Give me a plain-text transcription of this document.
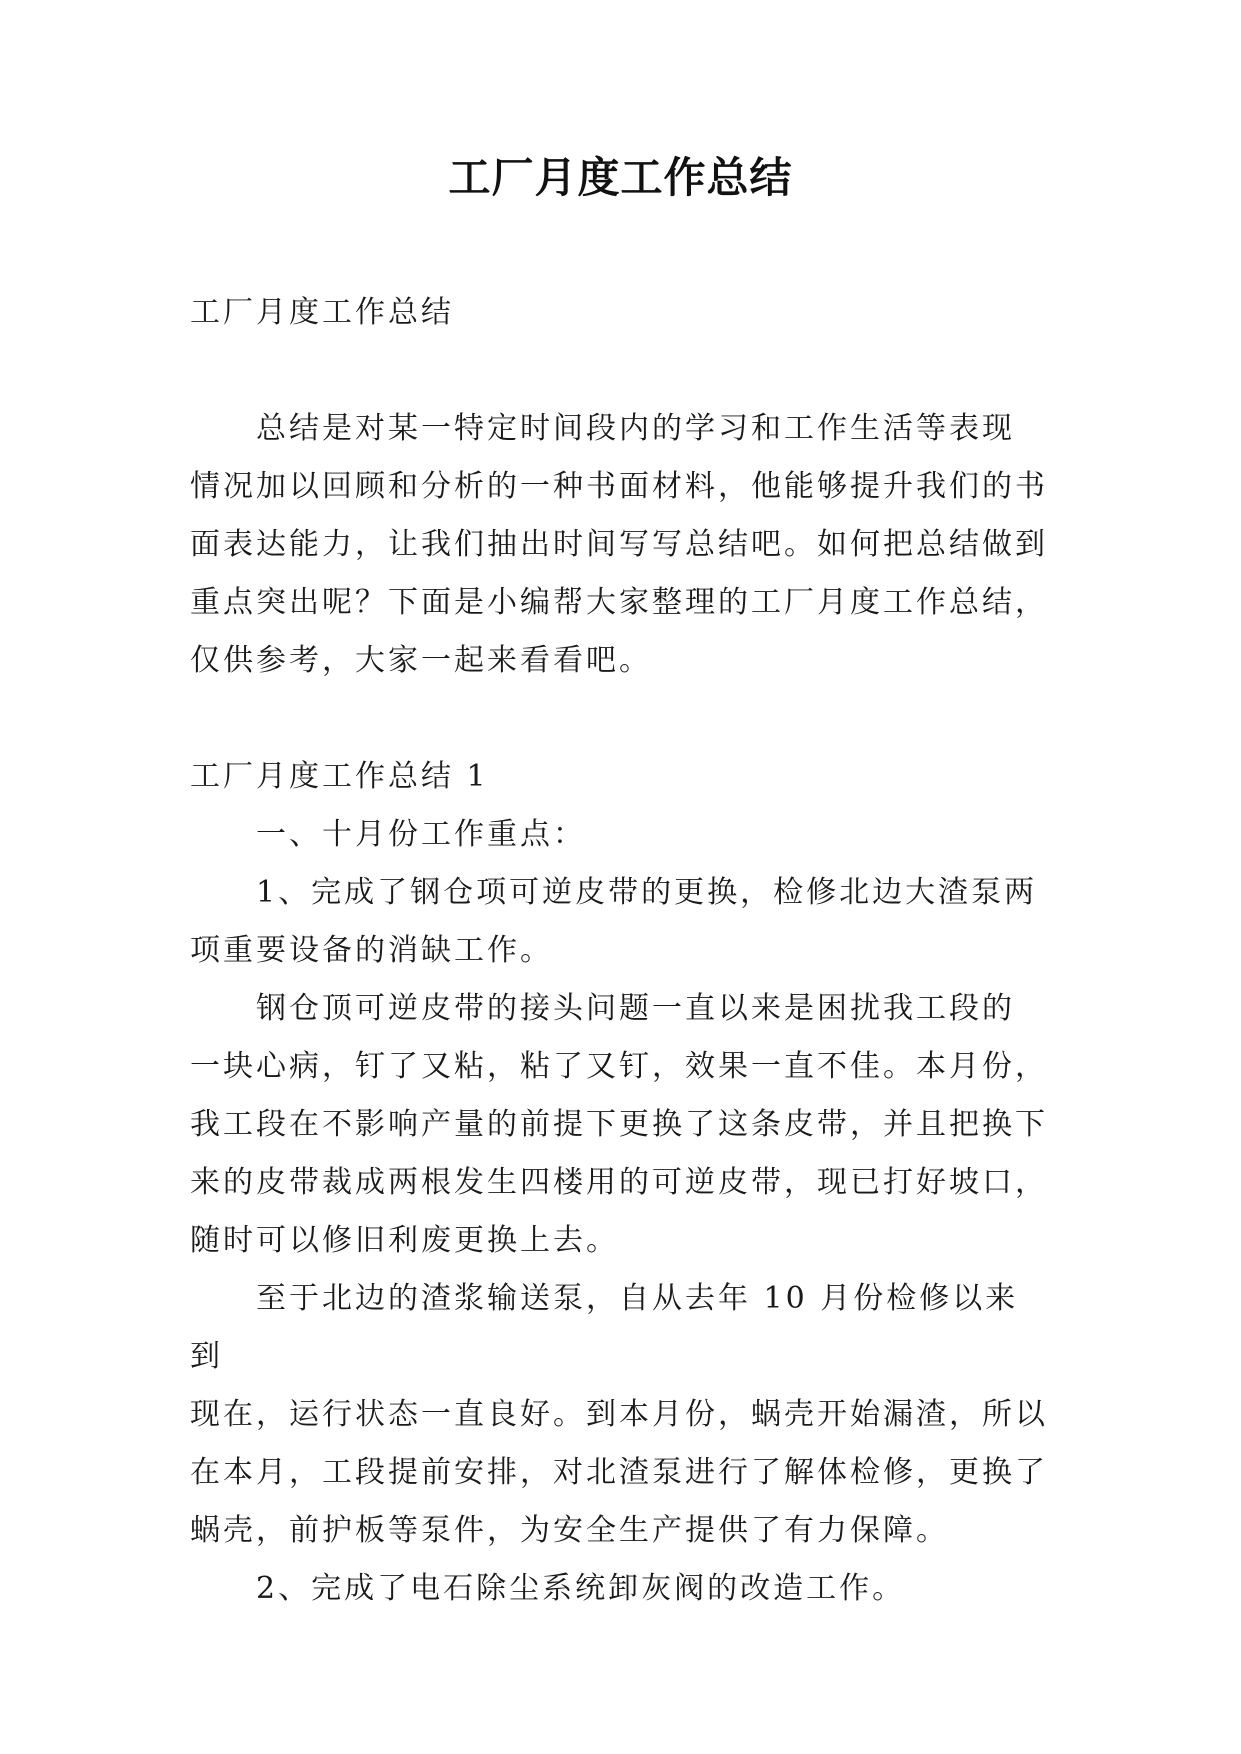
工厂月度工作总结

工厂月度工作总结

总结是对某一特定时间段内的学习和工作生活等表现
情况加以回顾和分析的一种书面材料，他能够提升我们的书
面表达能力，让我们抽出时间写写总结吧。如何把总结做到
重点突出呢？下面是小编帮大家整理的工厂月度工作总结，
仅供参考，大家一起来看看吧。

工厂月度工作总结 1

一、十月份工作重点：

1、完成了钢仓项可逆皮带的更换，检修北边大渣泵两
项重要设备的消缺工作。

钢仓顶可逆皮带的接头问题一直以来是困扰我工段的
一块心病，钉了又粘，粘了又钉，效果一直不佳。本月份，
我工段在不影响产量的前提下更换了这条皮带，并且把换下
来的皮带裁成两根发生四楼用的可逆皮带，现已打好坡口，
随时可以修旧利废更换上去。

至于北边的渣浆输送泵，自从去年 10 月份检修以来到
现在，运行状态一直良好。到本月份，蜗壳开始漏渣，所以
在本月，工段提前安排，对北渣泵进行了解体检修，更换了
蜗壳，前护板等泵件，为安全生产提供了有力保障。

2、完成了电石除尘系统卸灰阀的改造工作。
